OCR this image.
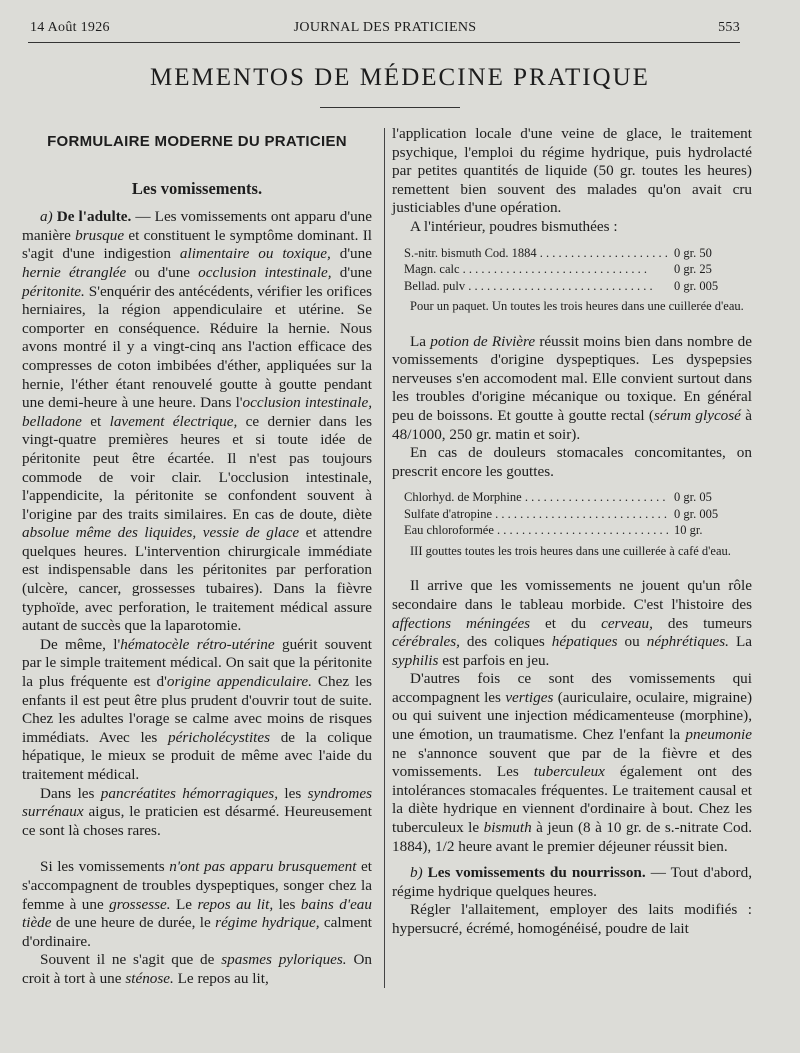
14 Août 1926	JOURNAL DES PRATICIENS	553
MEMENTOS DE MÉDECINE PRATIQUE
FORMULAIRE MODERNE DU PRATICIEN
Les vomissements.

a) De l'adulte. — Les vomissements ont apparu d'une manière brusque et constituent le symptôme dominant. Il s'agit d'une indigestion alimentaire ou toxique, d'une hernie étranglée ou d'une occlusion intestinale, d'une péritonite. S'enquérir des antécédents, vérifier les orifices herniaires, la région appendiculaire et utérine. Se comporter en conséquence. Réduire la hernie. Nous avons montré il y a vingt-cinq ans l'action efficace des compresses de coton imbibées d'éther, appliquées sur la hernie, l'éther étant renouvelé goutte à goutte pendant une demi-heure à une heure. Dans l'occlusion intestinale, belladone et lavement électrique, ce dernier dans les vingt-quatre premières heures et si toute idée de péritonite peut être écartée. Il n'est pas toujours commode de voir clair. L'occlusion intestinale, l'appendicite, la péritonite se confondent souvent à l'origine par des traits similaires. En cas de doute, diète absolue même des liquides, vessie de glace et attendre quelques heures. L'intervention chirurgicale immédiate est indispensable dans les péritonites par perforation (ulcère, cancer, grossesses tubaires). Dans la fièvre typhoïde, avec perforation, le traitement médical assure autant de succès que la laparotomie.

De même, l'hématocèle rétro-utérine guérit souvent par le simple traitement médical. On sait que la péritonite la plus fréquente est d'origine appendiculaire. Chez les enfants il est peut être plus prudent d'ouvrir tout de suite. Chez les adultes l'orage se calme avec moins de risques immédiats. Avec les péricholécystites de la colique hépatique, le mieux se produit de même avec l'aide du traitement médical.

Dans les pancréatites hémorragiques, les syndromes surrénaux aigus, le praticien est désarmé. Heureusement ce sont là choses rares.

Si les vomissements n'ont pas apparu brusquement et s'accompagnent de troubles dyspeptiques, songer chez la femme à une grossesse. Le repos au lit, les bains d'eau tiède de une heure de durée, le régime hydrique, calment d'ordinaire.

Souvent il ne s'agit que de spasmes pyloriques. On croit à tort à une sténose. Le repos au lit,

l'application locale d'une veine de glace, le traitement psychique, l'emploi du régime hydrique, puis hydrolacté par petites quantités de liquide (50 gr. toutes les heures) remettent bien souvent des malades qu'on avait cru justiciables d'une opération.

A l'intérieur, poudres bismuthées :

S.-nitr. bismuth Cod. 1884 . . .	0 gr. 50
Magn. calc . . .	0 gr. 25
Bellad. pulv . . .	0 gr. 005

Pour un paquet. Un toutes les trois heures dans une cuillerée d'eau.

La potion de Rivière réussit moins bien dans nombre de vomissements d'origine dyspeptiques. Les dyspepsies nerveuses s'en accomodent mal. Elle convient surtout dans les troubles d'origine mécanique ou toxique. En général peu de boissons. Et goutte à goutte rectal (sérum glycosé à 48/1000, 250 gr. matin et soir).

En cas de douleurs stomacales concomitantes, on prescrit encore les gouttes.

Chlorhyd. de Morphine . . .	0 gr. 05
Sulfate d'atropine . . .	0 gr. 005
Eau chloroformée . . .	10 gr.

III gouttes toutes les trois heures dans une cuillerée à café d'eau.

Il arrive que les vomissements ne jouent qu'un rôle secondaire dans le tableau morbide. C'est l'histoire des affections méningées et du cerveau, des tumeurs cérébrales, des coliques hépatiques ou néphrétiques. La syphilis est parfois en jeu.

D'autres fois ce sont des vomissements qui accompagnent les vertiges (auriculaire, oculaire, migraine) ou qui suivent une injection médicamenteuse (morphine), une émotion, un traumatisme. Chez l'enfant la pneumonie ne s'annonce souvent que par de la fièvre et des vomissements. Les tuberculeux également ont des intolérances stomacales fréquentes. Le traitement causal et la diète hydrique en viennent d'ordinaire à bout. Chez les tuberculeux le bismuth à jeun (8 à 10 gr. de s.-nitrate Cod. 1884), 1/2 heure avant le premier déjeuner réussit bien.

b) Les vomissements du nourrisson. — Tout d'abord, régime hydrique quelques heures.

Régler l'allaitement, employer des laits modifiés : hypersucré, écrémé, homogénéisé, poudre de lait
